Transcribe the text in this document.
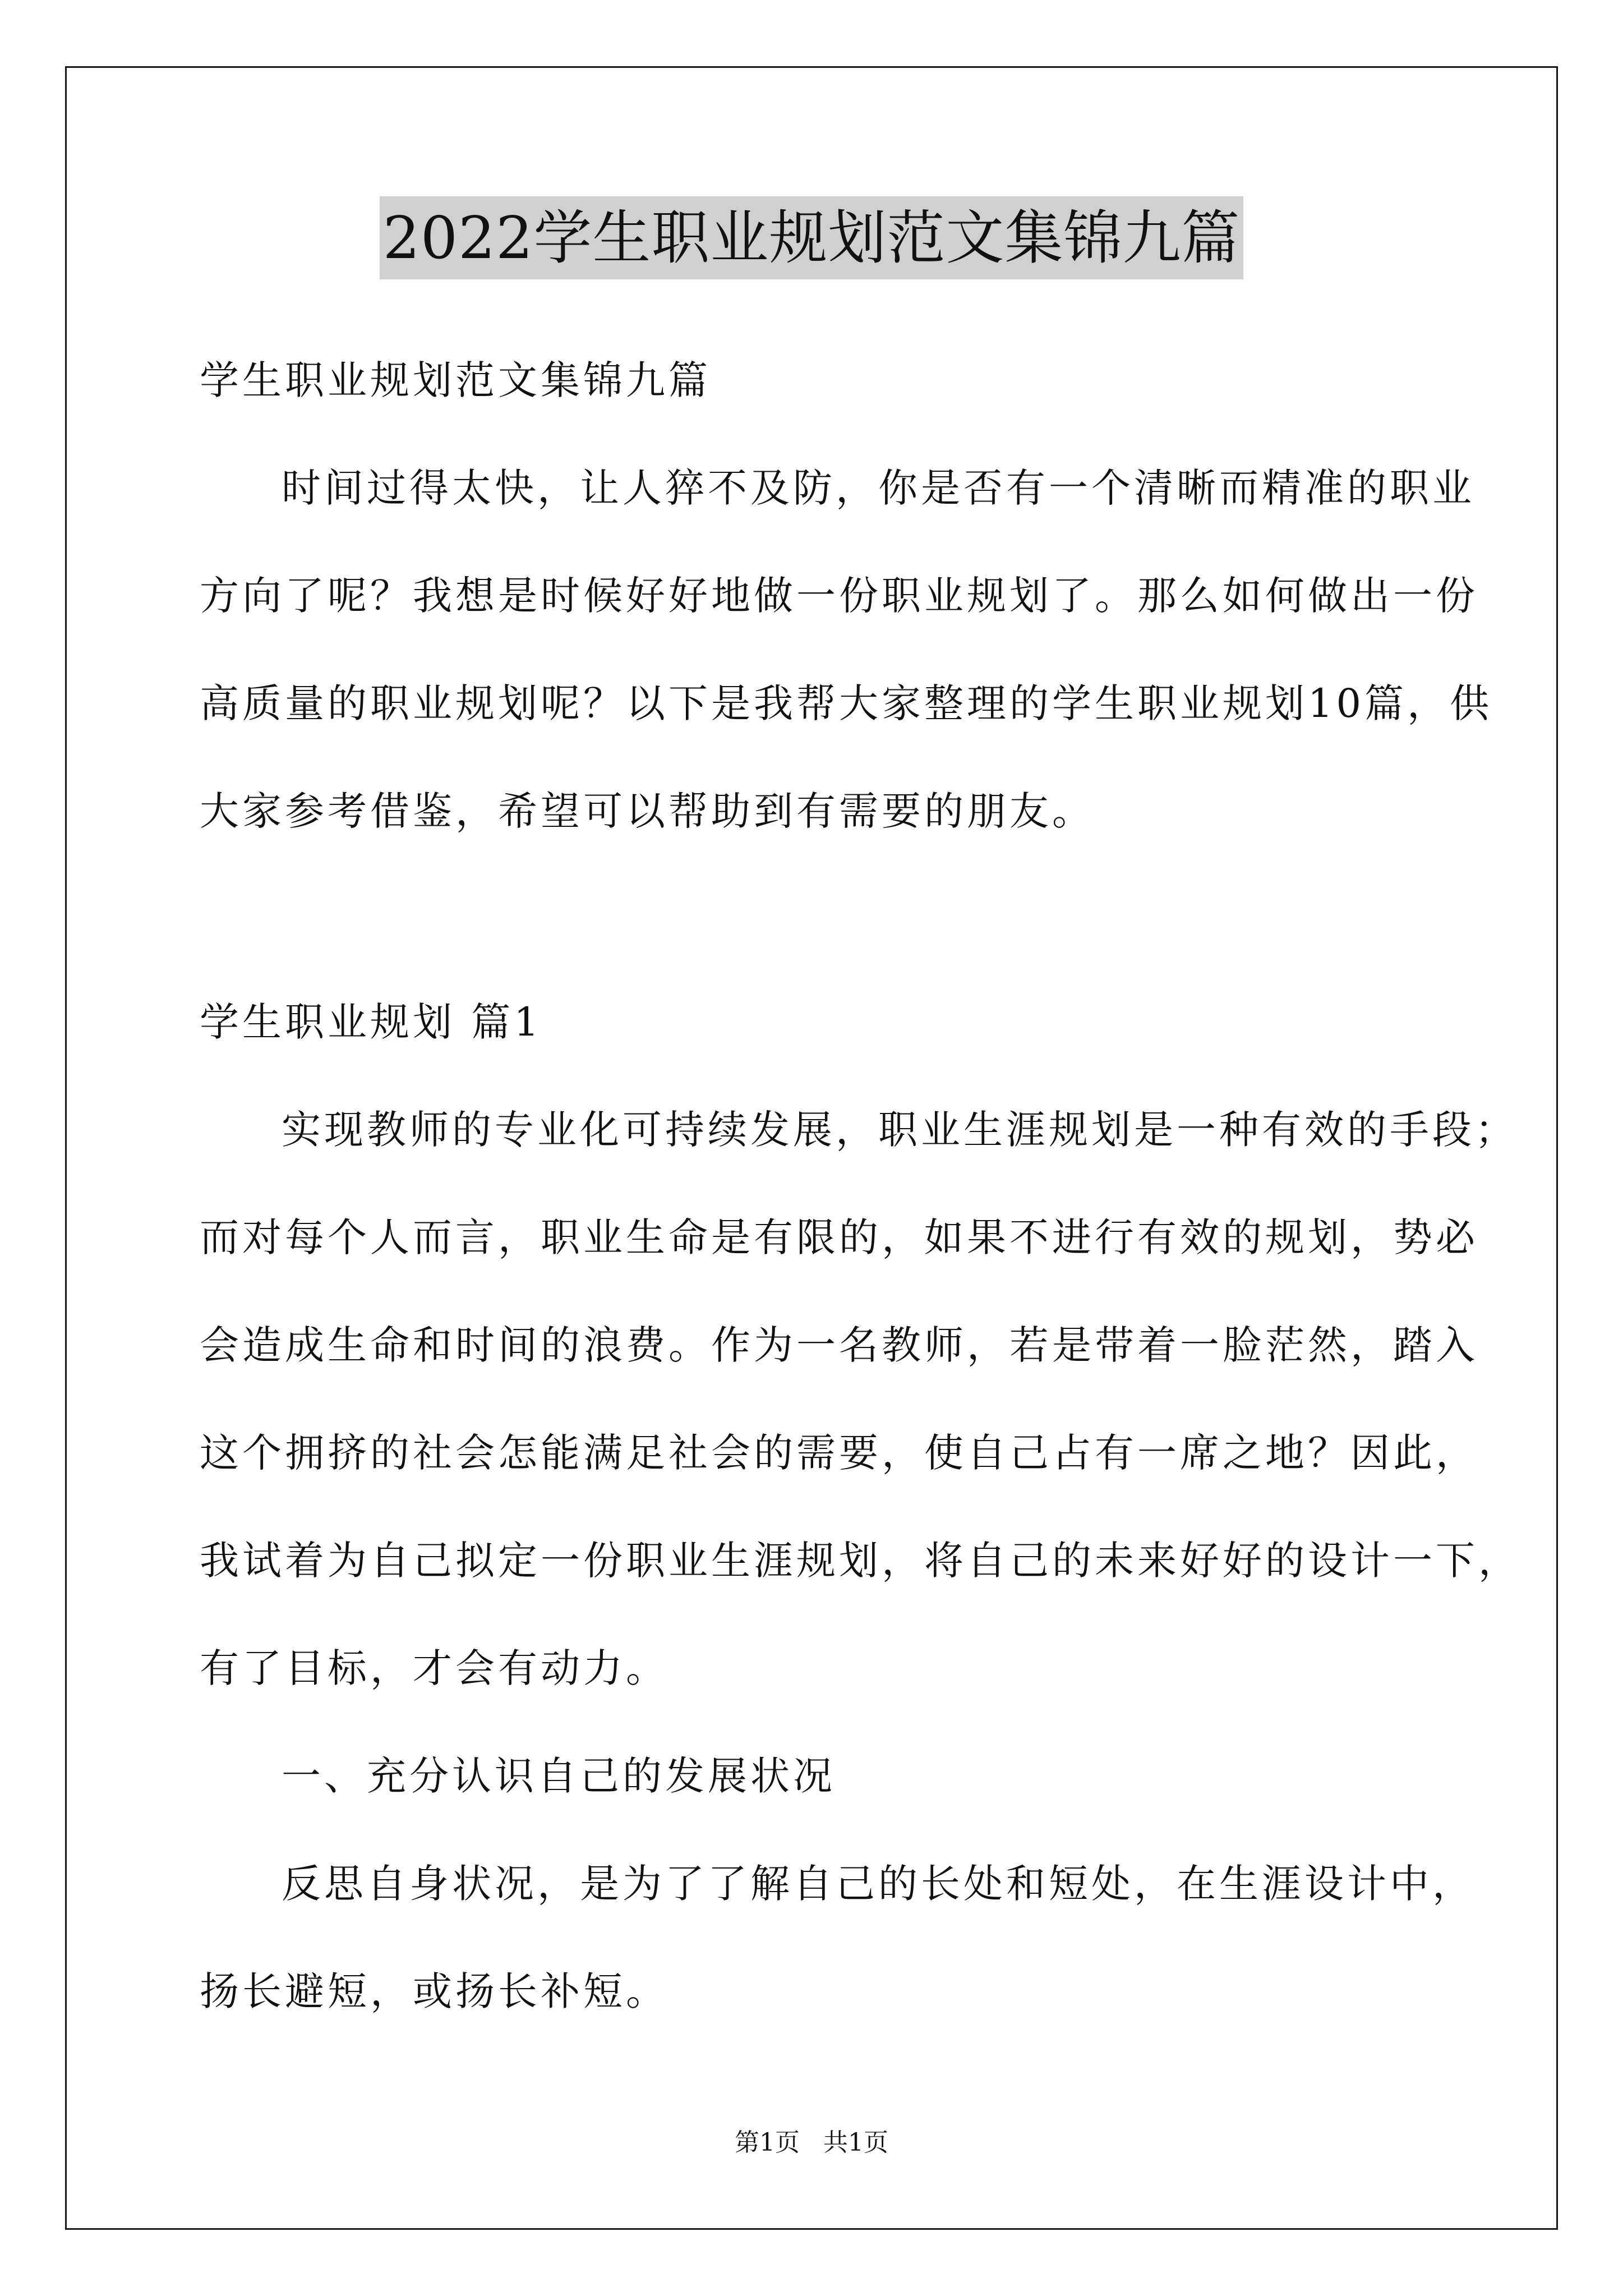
2022学生职业规划范文集锦九篇
学生职业规划范文集锦九篇
时间过得太快，让人猝不及防，你是否有一个清晰而精准的职业
方向了呢？我想是时候好好地做一份职业规划了。那么如何做出一份
高质量的职业规划呢？以下是我帮大家整理的学生职业规划10篇，供
大家参考借鉴，希望可以帮助到有需要的朋友。
学生职业规划 篇1
实现教师的专业化可持续发展，职业生涯规划是一种有效的手段；
而对每个人而言，职业生命是有限的，如果不进行有效的规划，势必
会造成生命和时间的浪费。作为一名教师，若是带着一脸茫然，踏入
这个拥挤的社会怎能满足社会的需要，使自己占有一席之地？因此，
我试着为自己拟定一份职业生涯规划，将自己的未来好好的设计一下，
有了目标，才会有动力。
一、充分认识自己的发展状况
反思自身状况，是为了了解自己的长处和短处，在生涯设计中，
扬长避短，或扬长补短。
第1页   共1页
